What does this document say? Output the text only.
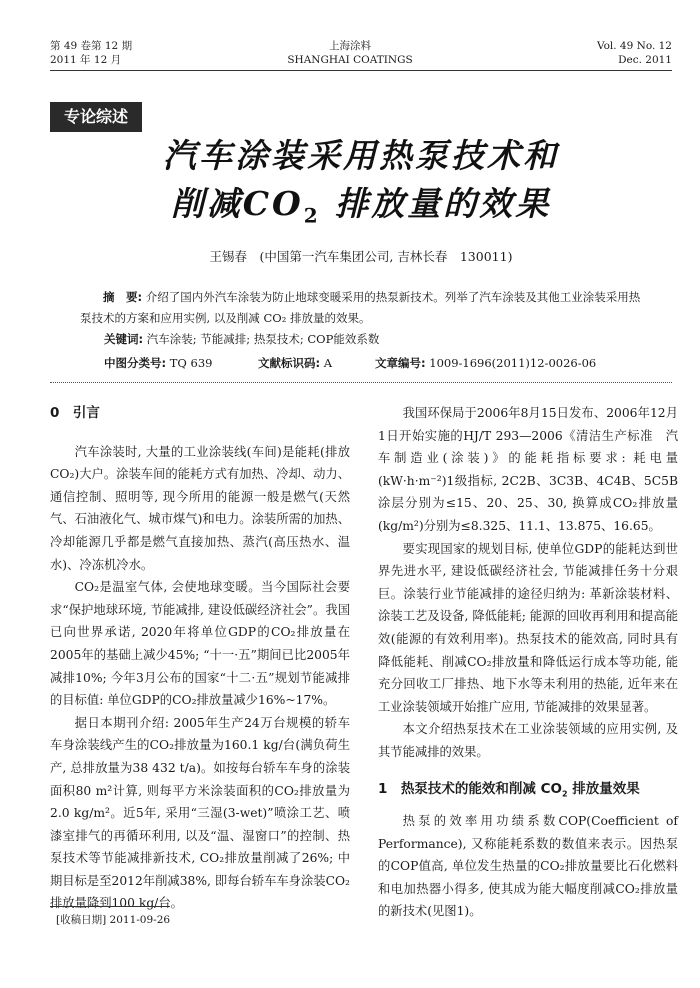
第 49 卷第 12 期
2011 年 12 月
上海涂料
SHANGHAI COATINGS
Vol. 49 No. 12
Dec. 2011
专论综述
汽车涂装采用热泵技术和
削减$CO_2$ 排放量的效果
王锡春　(中国第一汽车集团公司, 吉林长春　130011)
摘　要: 介绍了国内外汽车涂装为防止地球变暖采用的热泵新技术。列举了汽车涂装及其他工业涂装采用热泵技术的方案和应用实例, 以及削减 CO₂ 排放量的效果。
关键词: 汽车涂装; 节能减排; 热泵技术; COP能效系数
中图分类号: TQ 639	文献标识码: A	文章编号: 1009-1696(2011)12-0026-06
0　引言

汽车涂装时, 大量的工业涂装线(车间)是能耗(排放CO₂)大户。涂装车间的能耗方式有加热、冷却、动力、通信控制、照明等, 现今所用的能源一般是燃气(天然气、石油液化气、城市煤气)和电力。涂装所需的加热、冷却能源几乎都是燃气直接加热、蒸汽(高压热水、温水)、冷冻机冷水。

CO₂是温室气体, 会使地球变暖。当今国际社会要求“保护地球环境, 节能减排, 建设低碳经济社会”。我国已向世界承诺, 2020年将单位GDP的CO₂排放量在2005年的基础上减少45%; “十一·五”期间已比2005年减排10%; 今年3月公布的国家“十二·五”规划节能减排的目标值: 单位GDP的CO₂排放量减少16%~17%。

据日本期刊介绍: 2005年生产24万台规模的轿车车身涂装线产生的CO₂排放量为160.1 kg/台(满负荷生产, 总排放量为38 432 t/a)。如按每台轿车车身的涂装面积80 m²计算, 则每平方米涂装面积的CO₂排放量为2.0 kg/m²。近5年, 采用“三湿(3-wet)”喷涂工艺、喷漆室排气的再循环利用, 以及“温、湿窗口”的控制、热泵技术等节能减排新技术, CO₂排放量削减了26%; 中期目标是至2012年削减38%, 即每台轿车车身涂装CO₂排放量降到100 kg/台。

我国环保局于2006年8月15日发布、2006年12月1日开始实施的HJ/T 293—2006《清洁生产标准　汽车制造业(涂装)》的能耗指标要求: 耗电量(kW·h·m⁻²)1级指标, 2C2B、3C3B、4C4B、5C5B涂层分别为≤15、20、25、30, 换算成CO₂排放量(kg/m²)分别为≤8.325、11.1、13.875、16.65。

要实现国家的规划目标, 使单位GDP的能耗达到世界先进水平, 建设低碳经济社会, 节能减排任务十分艰巨。涂装行业节能减排的途径归纳为: 革新涂装材料、涂装工艺及设备, 降低能耗; 能源的回收再利用和提高能效(能源的有效利用率)。热泵技术的能效高, 同时具有降低能耗、削减CO₂排放量和降低运行成本等功能, 能充分回收工厂排热、地下水等未利用的热能, 近年来在工业涂装领域开始推广应用, 节能减排的效果显著。

本文介绍热泵技术在工业涂装领域的应用实例, 及其节能减排的效果。

1　热泵技术的能效和削减 $CO_2$ 排放量效果

热泵的效率用功绩系数COP(Coefficient of Performance), 又称能耗系数的数值来表示。因热泵的COP值高, 单位发生热量的CO₂排放量要比石化燃料和电加热器小得多, 使其成为能大幅度削减CO₂排放量的新技术(见图1)。

[收稿日期] 2011-09-26
